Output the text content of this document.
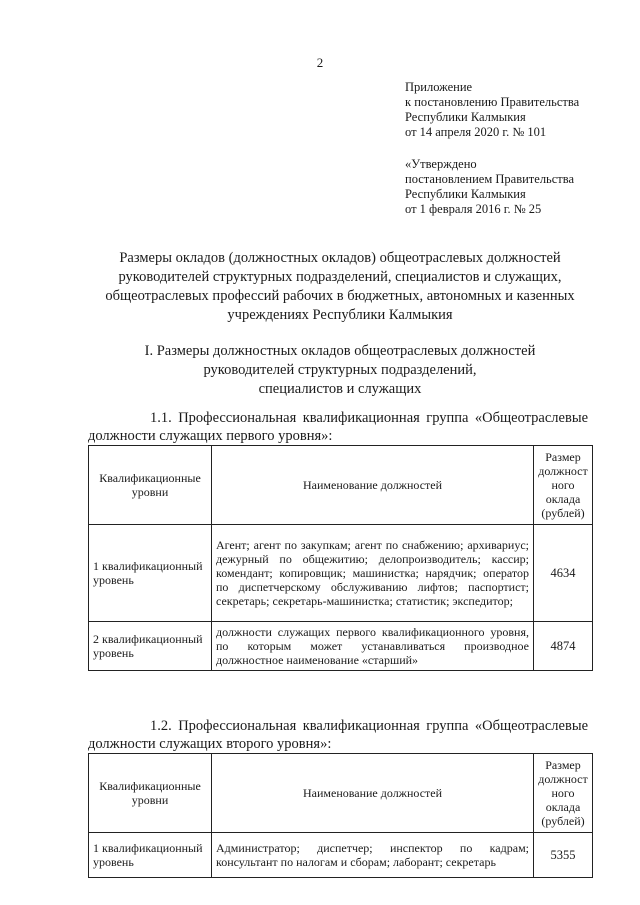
2
Приложение
к постановлению Правительства
Республики Калмыкия
от 14 апреля 2020 г. № 101
«Утверждено
постановлением Правительства
Республики Калмыкия
от 1 февраля 2016 г. № 25
Размеры окладов (должностных окладов) общеотраслевых должностей
руководителей структурных подразделений, специалистов и служащих,
общеотраслевых профессий рабочих в бюджетных, автономных и казенных
учреждениях Республики Калмыкия
I. Размеры должностных окладов общеотраслевых должностей
руководителей структурных подразделений,
специалистов и служащих
1.1. Профессиональная квалификационная группа «Общеотраслевые должности служащих первого уровня»:
Квалификационные уровни	Наименование должностей	Размер должност ного оклада (рублей)
1 квалификационный уровень	Агент; агент по закупкам; агент по снабжению; архивариус; дежурный по общежитию; делопроизводитель; кассир; комендант; копировщик; машинистка; нарядчик; оператор по диспетчерскому обслуживанию лифтов; паспортист; секретарь; секретарь-машинистка; статистик; экспедитор;	4634
2 квалификационный уровень	должности служащих первого квалификационного уровня, по которым может устанавливаться производное должностное наименование «старший»	4874
1.2. Профессиональная квалификационная группа «Общеотраслевые должности служащих второго уровня»:
Квалификационные уровни	Наименование должностей	Размер должност ного оклада (рублей)
1 квалификационный уровень	Администратор; диспетчер; инспектор по кадрам; консультант по налогам и сборам; лаборант; секретарь	5355
